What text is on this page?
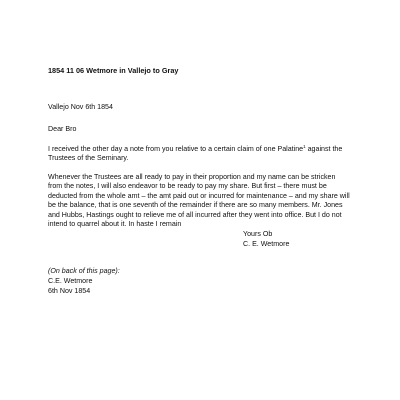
1854 11 06 Wetmore in Vallejo to Gray
Vallejo Nov 6th 1854
Dear Bro
I received the other day a note from you relative to a certain claim of one Palatine$^1$ against the
Trustees of the Seminary.
Whenever the Trustees are all ready to pay in their proportion and my name can be stricken
from the notes, I will also endeavor to be ready to pay my share. But first – there must be
deducted from the whole amt – the amt paid out or incurred for maintenance – and my share will
be the balance, that is one seventh of the remainder if there are so many members. Mr. Jones
and Hubbs, Hastings ought to relieve me of all incurred after they went into office. But I do not
intend to quarrel about it. In haste I remain
Yours Ob
C. E. Wetmore
(On back of this page):
C.E. Wetmore
6th Nov 1854
